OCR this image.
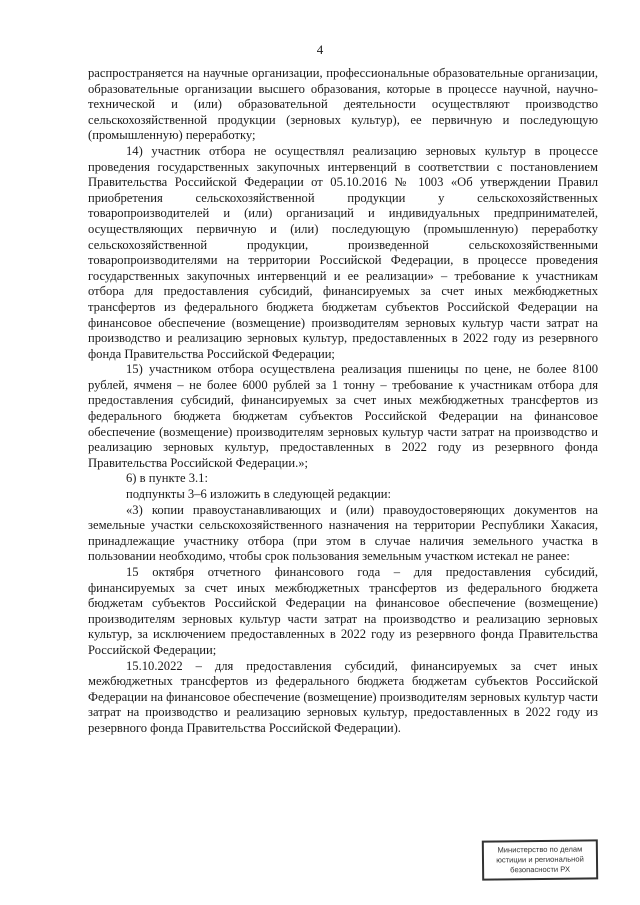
4

распространяется на научные организации, профессиональные образовательные организации, образовательные организации высшего образования, которые в процессе научной, научно-технической и (или) образовательной деятельности осуществляют производство сельскохозяйственной продукции (зерновых культур), ее первичную и последующую (промышленную) переработку;

14) участник отбора не осуществлял реализацию зерновых культур в процессе проведения государственных закупочных интервенций в соответствии с постановлением Правительства Российской Федерации от 05.10.2016 № 1003 «Об утверждении Правил приобретения сельскохозяйственной продукции у сельскохозяйственных товаропроизводителей и (или) организаций и индивидуальных предпринимателей, осуществляющих первичную и (или) последующую (промышленную) переработку сельскохозяйственной продукции, произведенной сельскохозяйственными товаропроизводителями на территории Российской Федерации, в процессе проведения государственных закупочных интервенций и ее реализации» – требование к участникам отбора для предоставления субсидий, финансируемых за счет иных межбюджетных трансфертов из федерального бюджета бюджетам субъектов Российской Федерации на финансовое обеспечение (возмещение) производителям зерновых культур части затрат на производство и реализацию зерновых культур, предоставленных в 2022 году из резервного фонда Правительства Российской Федерации;

15) участником отбора осуществлена реализация пшеницы по цене, не более 8100 рублей, ячменя – не более 6000 рублей за 1 тонну – требование к участникам отбора для предоставления субсидий, финансируемых за счет иных межбюджетных трансфертов из федерального бюджета бюджетам субъектов Российской Федерации на финансовое обеспечение (возмещение) производителям зерновых культур части затрат на производство и реализацию зерновых культур, предоставленных в 2022 году из резервного фонда Правительства Российской Федерации.»;

6) в пункте 3.1:

подпункты 3–6 изложить в следующей редакции:

«3) копии правоустанавливающих и (или) правоудостоверяющих документов на земельные участки сельскохозяйственного назначения на территории Республики Хакасия, принадлежащие участнику отбора (при этом в случае наличия земельного участка в пользовании необходимо, чтобы срок пользования земельным участком истекал не ранее:

15 октября отчетного финансового года – для предоставления субсидий, финансируемых за счет иных межбюджетных трансфертов из федерального бюджета бюджетам субъектов Российской Федерации на финансовое обеспечение (возмещение) производителям зерновых культур части затрат на производство и реализацию зерновых культур, за исключением предоставленных в 2022 году из резервного фонда Правительства Российской Федерации;

15.10.2022 – для предоставления субсидий, финансируемых за счет иных межбюджетных трансфертов из федерального бюджета бюджетам субъектов Российской Федерации на финансовое обеспечение (возмещение) производителям зерновых культур части затрат на производство и реализацию зерновых культур, предоставленных в 2022 году из резервного фонда Правительства Российской Федерации).

Министерство по делам
юстиции и региональной
безопасности РХ
